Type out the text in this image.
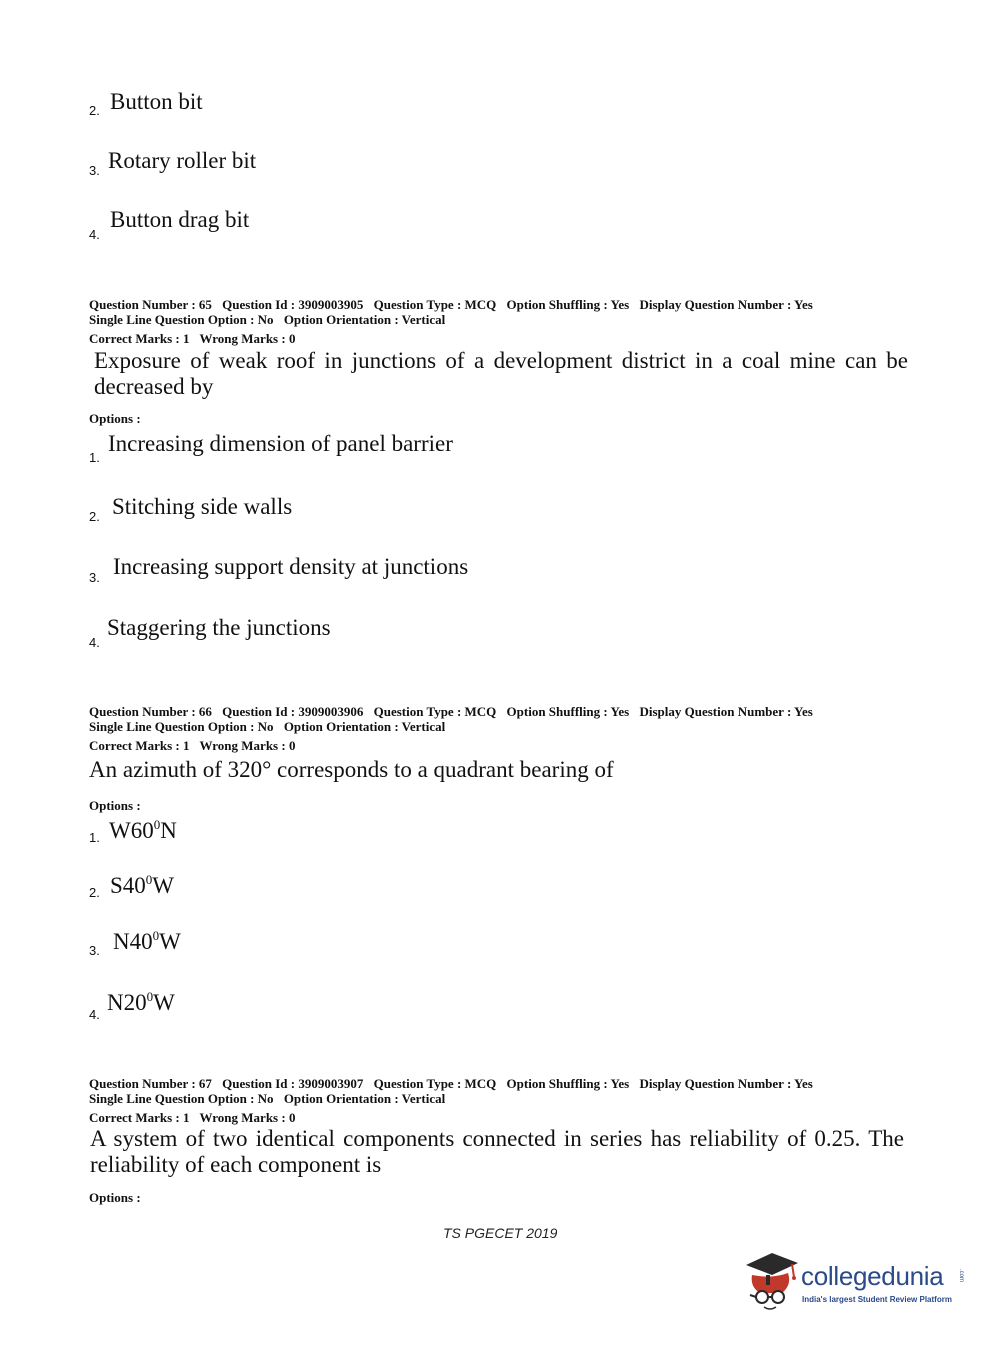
2. Button bit
3. Rotary roller bit
4.
Button drag bit
Question Number : 65 Question Id : 3909003905 Question Type : MCQ Option Shuffling : Yes Display Question Number : Yes
Single Line Question Option : No Option Orientation : Vertical
Correct Marks : 1 Wrong Marks : 0
Exposure of weak roof in junctions of a development district in a coal mine can be decreased by
Options :
1.
Increasing dimension of panel barrier
2. Stitching side walls
3. Increasing support density at junctions
4.
Staggering the junctions
Question Number : 66 Question Id : 3909003906 Question Type : MCQ Option Shuffling : Yes Display Question Number : Yes
Single Line Question Option : No Option Orientation : Vertical
Correct Marks : 1 Wrong Marks : 0
An azimuth of 320° corresponds to a quadrant bearing of
Options :
1. $W60^0N$
2. $S40^0W$
3. $N40^0W$
4. $N20^0W$
Question Number : 67 Question Id : 3909003907 Question Type : MCQ Option Shuffling : Yes Display Question Number : Yes
Single Line Question Option : No Option Orientation : Vertical
Correct Marks : 1 Wrong Marks : 0
A system of two identical components connected in series has reliability of 0.25. The reliability of each component is
Options :
TS PGECET 2019
collegedunia .com
India's largest Student Review Platform
